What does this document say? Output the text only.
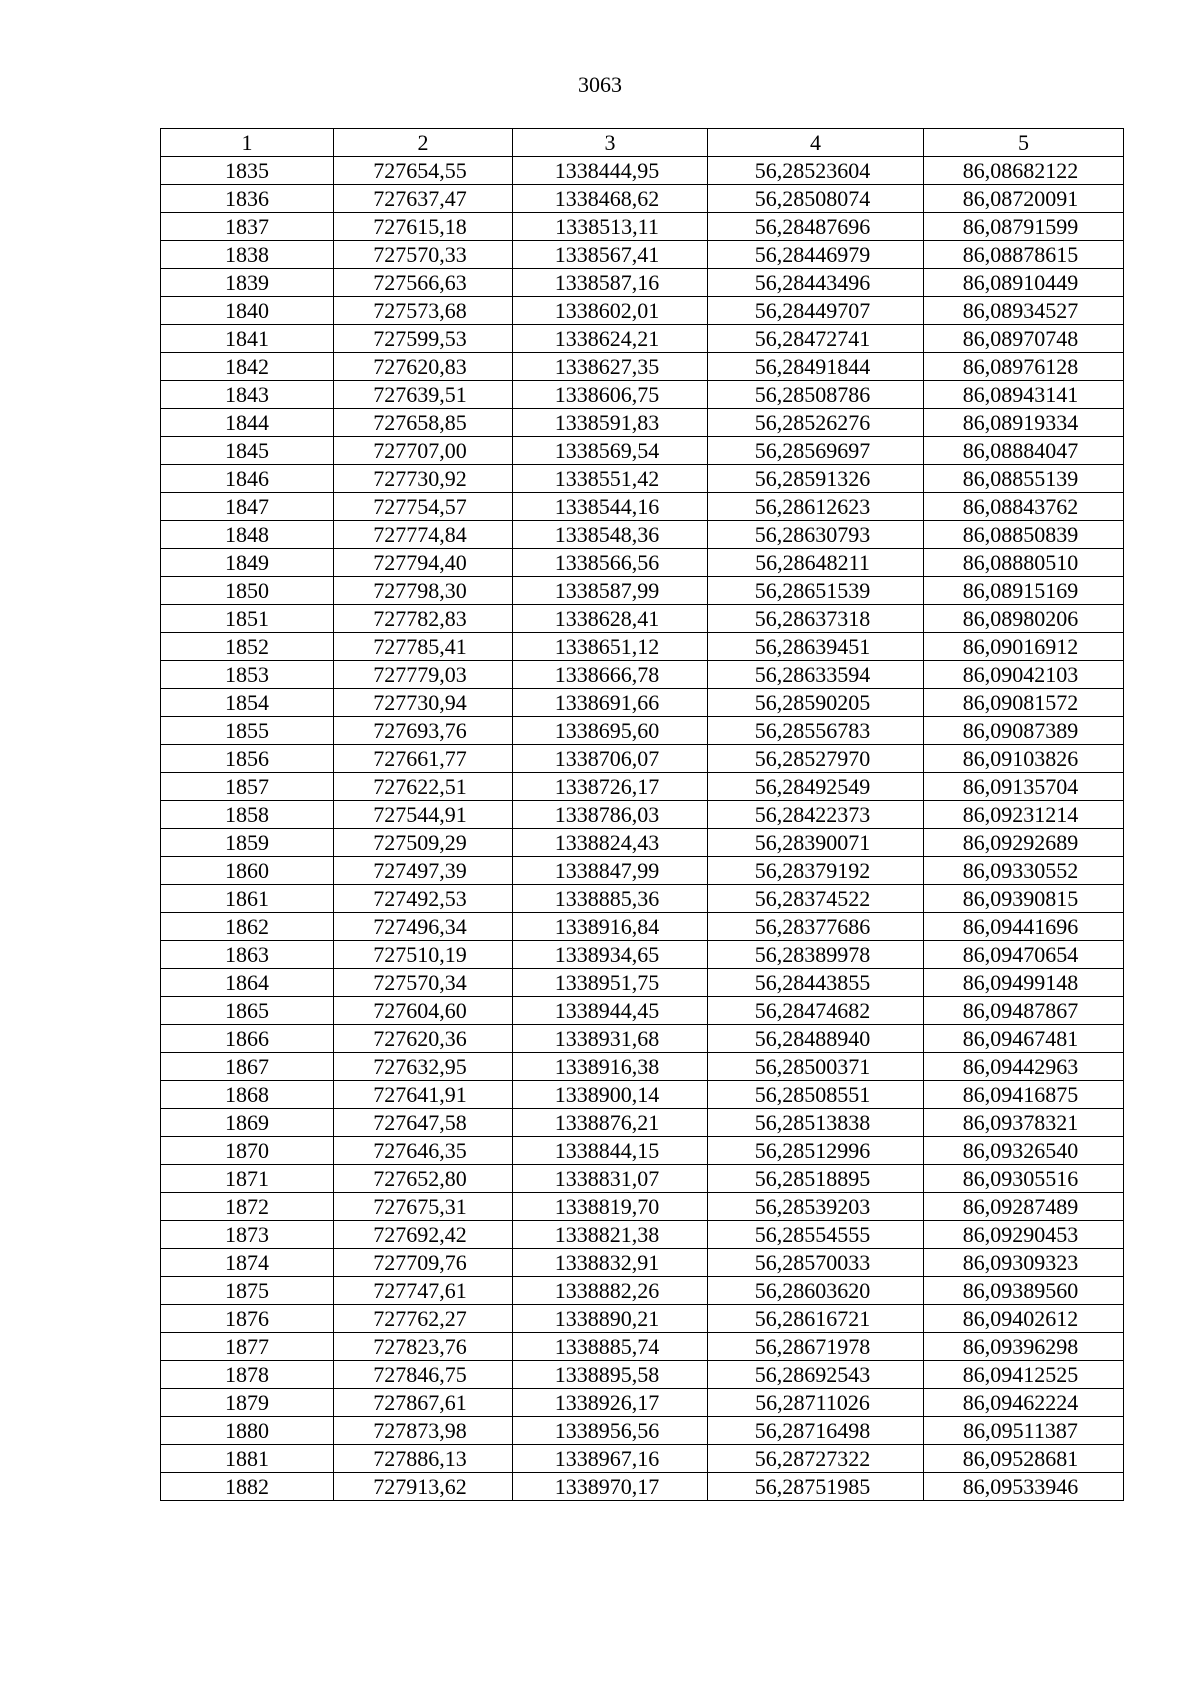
3063
1	2	3	4	5
1835	727654,55	1338444,95	56,28523604	86,08682122
1836	727637,47	1338468,62	56,28508074	86,08720091
1837	727615,18	1338513,11	56,28487696	86,08791599
1838	727570,33	1338567,41	56,28446979	86,08878615
1839	727566,63	1338587,16	56,28443496	86,08910449
1840	727573,68	1338602,01	56,28449707	86,08934527
1841	727599,53	1338624,21	56,28472741	86,08970748
1842	727620,83	1338627,35	56,28491844	86,08976128
1843	727639,51	1338606,75	56,28508786	86,08943141
1844	727658,85	1338591,83	56,28526276	86,08919334
1845	727707,00	1338569,54	56,28569697	86,08884047
1846	727730,92	1338551,42	56,28591326	86,08855139
1847	727754,57	1338544,16	56,28612623	86,08843762
1848	727774,84	1338548,36	56,28630793	86,08850839
1849	727794,40	1338566,56	56,28648211	86,08880510
1850	727798,30	1338587,99	56,28651539	86,08915169
1851	727782,83	1338628,41	56,28637318	86,08980206
1852	727785,41	1338651,12	56,28639451	86,09016912
1853	727779,03	1338666,78	56,28633594	86,09042103
1854	727730,94	1338691,66	56,28590205	86,09081572
1855	727693,76	1338695,60	56,28556783	86,09087389
1856	727661,77	1338706,07	56,28527970	86,09103826
1857	727622,51	1338726,17	56,28492549	86,09135704
1858	727544,91	1338786,03	56,28422373	86,09231214
1859	727509,29	1338824,43	56,28390071	86,09292689
1860	727497,39	1338847,99	56,28379192	86,09330552
1861	727492,53	1338885,36	56,28374522	86,09390815
1862	727496,34	1338916,84	56,28377686	86,09441696
1863	727510,19	1338934,65	56,28389978	86,09470654
1864	727570,34	1338951,75	56,28443855	86,09499148
1865	727604,60	1338944,45	56,28474682	86,09487867
1866	727620,36	1338931,68	56,28488940	86,09467481
1867	727632,95	1338916,38	56,28500371	86,09442963
1868	727641,91	1338900,14	56,28508551	86,09416875
1869	727647,58	1338876,21	56,28513838	86,09378321
1870	727646,35	1338844,15	56,28512996	86,09326540
1871	727652,80	1338831,07	56,28518895	86,09305516
1872	727675,31	1338819,70	56,28539203	86,09287489
1873	727692,42	1338821,38	56,28554555	86,09290453
1874	727709,76	1338832,91	56,28570033	86,09309323
1875	727747,61	1338882,26	56,28603620	86,09389560
1876	727762,27	1338890,21	56,28616721	86,09402612
1877	727823,76	1338885,74	56,28671978	86,09396298
1878	727846,75	1338895,58	56,28692543	86,09412525
1879	727867,61	1338926,17	56,28711026	86,09462224
1880	727873,98	1338956,56	56,28716498	86,09511387
1881	727886,13	1338967,16	56,28727322	86,09528681
1882	727913,62	1338970,17	56,28751985	86,09533946
